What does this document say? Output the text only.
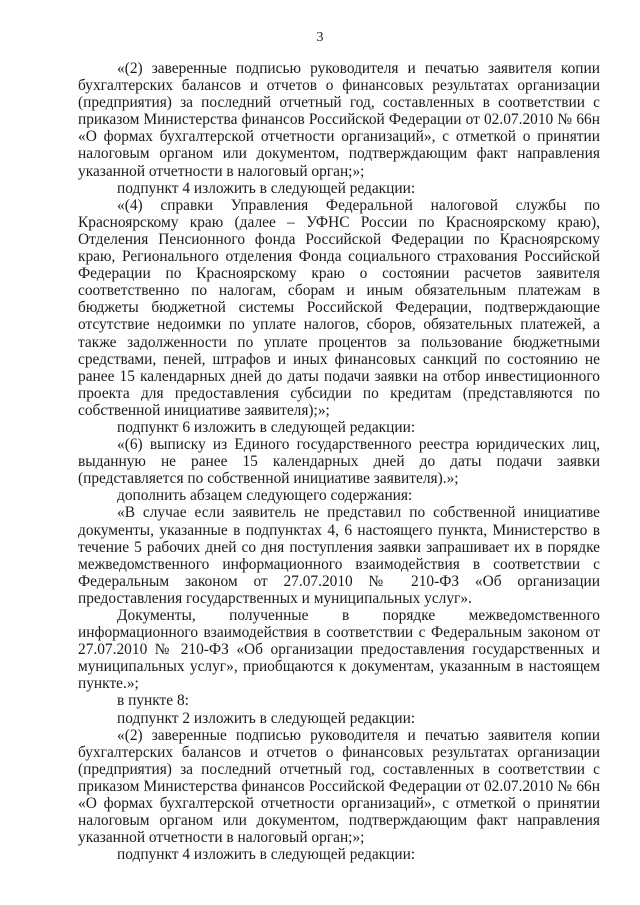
3

«(2) заверенные подписью руководителя и печатью заявителя копии бухгалтерских балансов и отчетов о финансовых результатах организации (предприятия) за последний отчетный год, составленных в соответствии с приказом Министерства финансов Российской Федерации от 02.07.2010 № 66н «О формах бухгалтерской отчетности организаций», с отметкой о принятии налоговым органом или документом, подтверждающим факт направления указанной отчетности в налоговый орган;»;

подпункт 4 изложить в следующей редакции:

«(4) справки Управления Федеральной налоговой службы по Красноярскому краю (далее – УФНС России по Красноярскому краю), Отделения Пенсионного фонда Российской Федерации по Красноярскому краю, Регионального отделения Фонда социального страхования Российской Федерации по Красноярскому краю о состоянии расчетов заявителя соответственно по налогам, сборам и иным обязательным платежам в бюджеты бюджетной системы Российской Федерации, подтверждающие отсутствие недоимки по уплате налогов, сборов, обязательных платежей, а также задолженности по уплате процентов за пользование бюджетными средствами, пеней, штрафов и иных финансовых санкций по состоянию не ранее 15 календарных дней до даты подачи заявки на отбор инвестиционного проекта для предоставления субсидии по кредитам (представляются по собственной инициативе заявителя);»;

подпункт 6 изложить в следующей редакции:

«(6) выписку из Единого государственного реестра юридических лиц, выданную не ранее 15 календарных дней до даты подачи заявки (представляется по собственной инициативе заявителя).»;

дополнить абзацем следующего содержания:

«В случае если заявитель не представил по собственной инициативе документы, указанные в подпунктах 4, 6 настоящего пункта, Министерство в течение 5 рабочих дней со дня поступления заявки запрашивает их в порядке межведомственного информационного взаимодействия в соответствии с Федеральным законом от 27.07.2010 № 210-ФЗ «Об организации предоставления государственных и муниципальных услуг».

Документы, полученные в порядке межведомственного информационного взаимодействия в соответствии с Федеральным законом от 27.07.2010 № 210-ФЗ «Об организации предоставления государственных и муниципальных услуг», приобщаются к документам, указанным в настоящем пункте.»;

в пункте 8:

подпункт 2 изложить в следующей редакции:

«(2) заверенные подписью руководителя и печатью заявителя копии бухгалтерских балансов и отчетов о финансовых результатах организации (предприятия) за последний отчетный год, составленных в соответствии с приказом Министерства финансов Российской Федерации от 02.07.2010 № 66н «О формах бухгалтерской отчетности организаций», с отметкой о принятии налоговым органом или документом, подтверждающим факт направления указанной отчетности в налоговый орган;»;

подпункт 4 изложить в следующей редакции:
